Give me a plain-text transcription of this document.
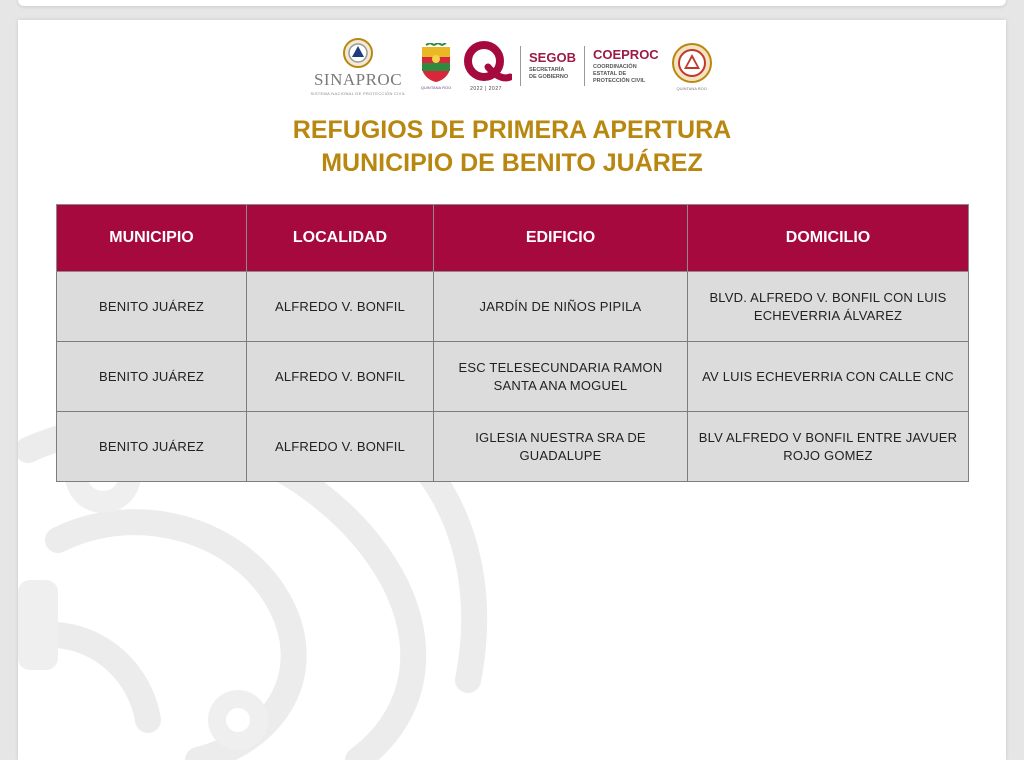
SINAPROC
SISTEMA NACIONAL DE PROTECCIÓN CIVIL
QUINTANA ROO	2022 | 2027
SEGOB
SECRETARÍA
DE GOBIERNO
COEPROC
COORDINACIÓN
ESTATAL DE
PROTECCIÓN CIVIL
QUINTANA ROO
REFUGIOS DE PRIMERA APERTURA
MUNICIPIO DE BENITO JUÁREZ
MUNICIPIO	LOCALIDAD	EDIFICIO	DOMICILIO
BENITO JUÁREZ	ALFREDO V. BONFIL	JARDÍN DE NIÑOS PIPILA	BLVD. ALFREDO V. BONFIL CON LUIS ECHEVERRIA ÁLVAREZ
BENITO JUÁREZ	ALFREDO V. BONFIL	ESC TELESECUNDARIA RAMON SANTA ANA MOGUEL	AV LUIS ECHEVERRIA CON CALLE CNC
BENITO JUÁREZ	ALFREDO V. BONFIL	IGLESIA NUESTRA SRA DE GUADALUPE	BLV ALFREDO V BONFIL ENTRE JAVUER ROJO GOMEZ
